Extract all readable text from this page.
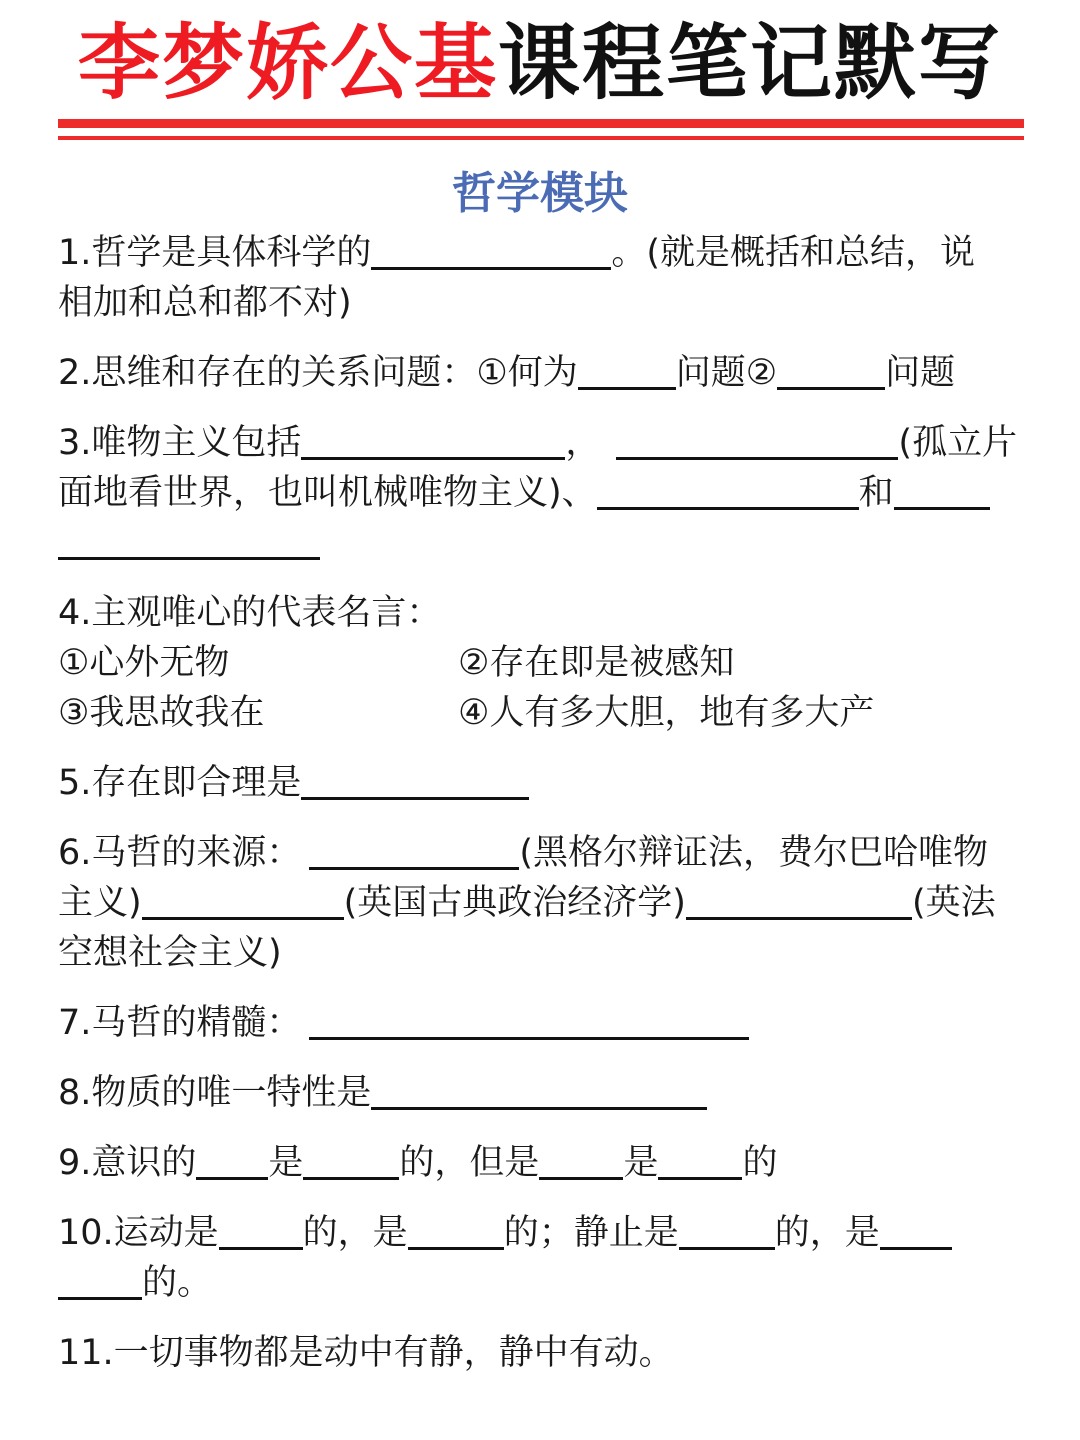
李梦娇公基课程笔记默写
哲学模块
1.哲学是具体科学的	。(就是概括和总结，说
相加和总和都不对)
2.思维和存在的关系问题：①何为	问题②	问题
3.唯物主义包括	，	(孤立片
面地看世界，也叫机械唯物主义)、	和
4.主观唯心的代表名言：
①心外无物	②存在即是被感知
③我思故我在	④人有多大胆，地有多大产
5.存在即合理是
6.马哲的来源：	(黑格尔辩证法，费尔巴哈唯物
主义)	(英国古典政治经济学)	(英法
空想社会主义)
7.马哲的精髓：
8.物质的唯一特性是
9.意识的 是	的，但是 是 的
10.运动是 的，是	的；静止是	的，是
的。
11.一切事物都是动中有静，静中有动。
